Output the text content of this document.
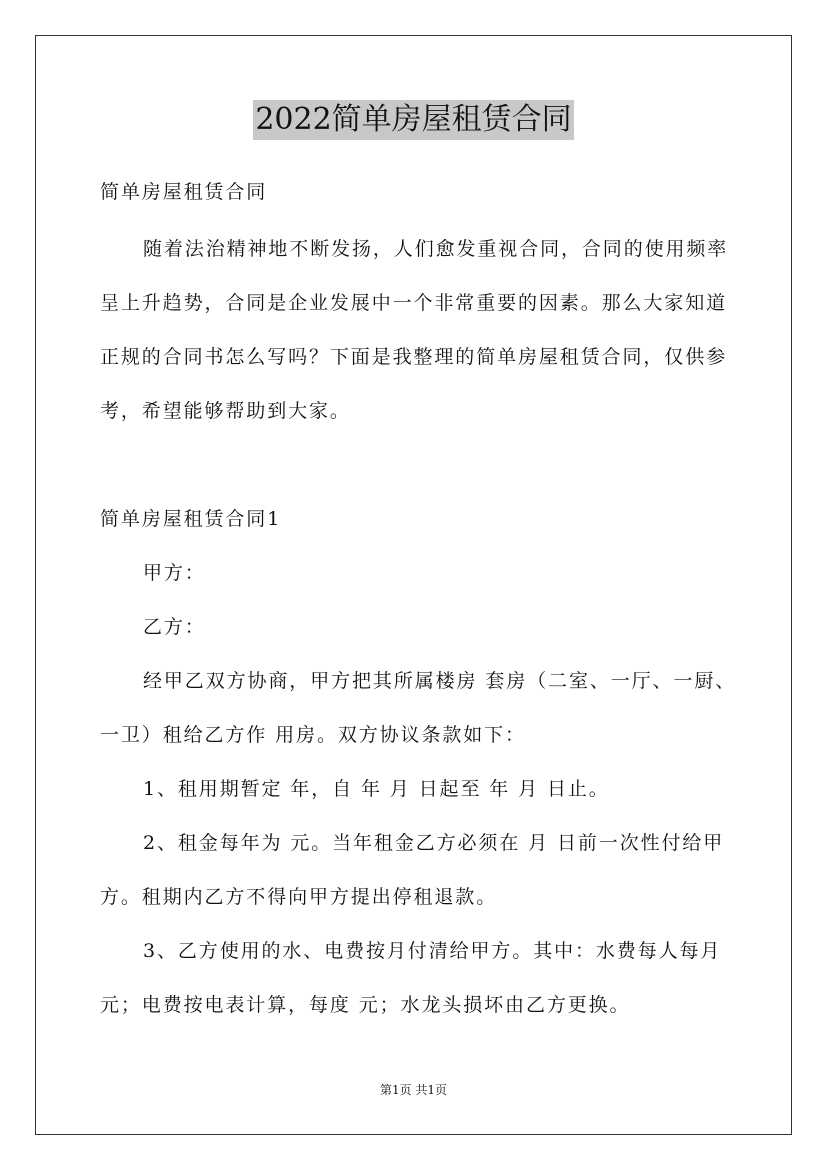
2022简单房屋租赁合同
简单房屋租赁合同
随着法治精神地不断发扬，人们愈发重视合同，合同的使用频率
呈上升趋势，合同是企业发展中一个非常重要的因素。那么大家知道
正规的合同书怎么写吗？下面是我整理的简单房屋租赁合同，仅供参
考，希望能够帮助到大家。
简单房屋租赁合同1
甲方：
乙方：
经甲乙双方协商，甲方把其所属楼房 套房（二室、一厅、一厨、
一卫）租给乙方作 用房。双方协议条款如下：
1、租用期暂定 年，自 年 月 日起至 年 月 日止。
2、租金每年为 元。当年租金乙方必须在 月 日前一次性付给甲
方。租期内乙方不得向甲方提出停租退款。
3、乙方使用的水、电费按月付清给甲方。其中：水费每人每月
元；电费按电表计算，每度 元；水龙头损坏由乙方更换。
第1页 共1页
